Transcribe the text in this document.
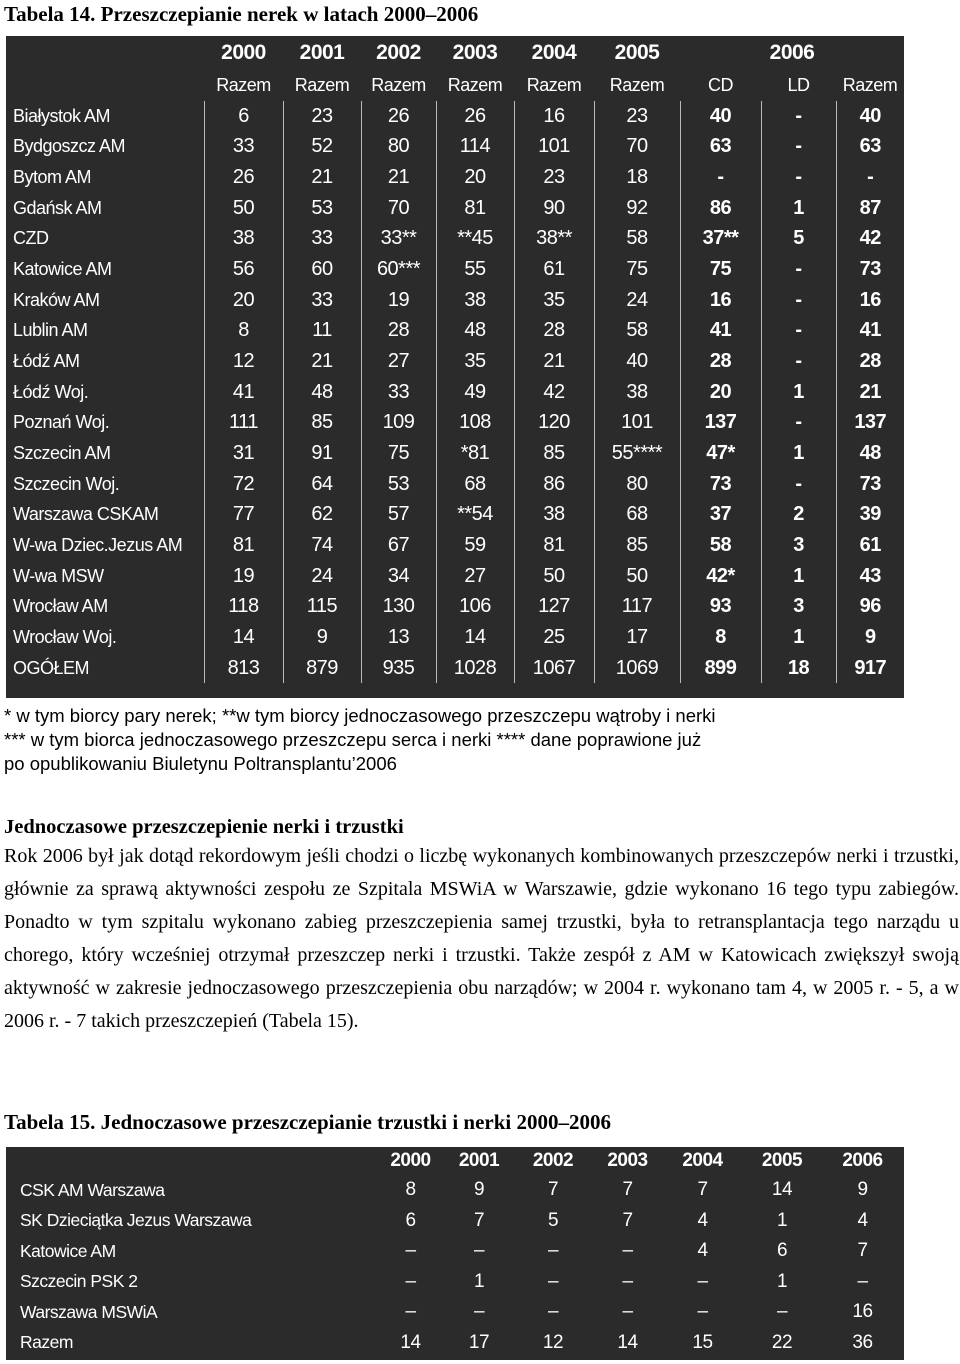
Tabela 14. Przeszczepianie nerek w latach 2000–2006
	2000	2001	2002	2003	2004	2005	2006		
	Razem	Razem	Razem	Razem	Razem	Razem	CD	LD	Razem
Białystok AM	6	23	26	26	16	23	40	-	40
Bydgoszcz AM	33	52	80	114	101	70	63	-	63
Bytom AM	26	21	21	20	23	18	-	-	-
Gdańsk AM	50	53	70	81	90	92	86	1	87
CZD	38	33	33**	**45	38**	58	37**	5	42
Katowice AM	56	60	60***	55	61	75	75	-	73
Kraków AM	20	33	19	38	35	24	16	-	16
Lublin AM	8	11	28	48	28	58	41	-	41
Łódź AM	12	21	27	35	21	40	28	-	28
Łódź Woj.	41	48	33	49	42	38	20	1	21
Poznań Woj.	111	85	109	108	120	101	137	-	137
Szczecin AM	31	91	75	*81	85	55****	47*	1	48
Szczecin Woj.	72	64	53	68	86	80	73	-	73
Warszawa CSKAM	77	62	57	**54	38	68	37	2	39
W-wa Dziec.Jezus AM	81	74	67	59	81	85	58	3	61
W-wa MSW	19	24	34	27	50	50	42*	1	43
Wrocław AM	118	115	130	106	127	117	93	3	96
Wrocław Woj.	14	9	13	14	25	17	8	1	9
OGÓŁEM	813	879	935	1028	1067	1069	899	18	917
* w tym biorcy pary nerek; **w tym biorcy jednoczasowego przeszczepu wątroby i nerki
*** w tym biorca jednoczasowego przeszczepu serca i nerki **** dane poprawione już
po opublikowaniu Biuletynu Poltransplantu’2006
Jednoczasowe przeszczepienie nerki i trzustki
Rok 2006 był jak dotąd rekordowym jeśli chodzi o liczbę wykonanych kombinowanych przeszczepów nerki i trzustki, głównie za sprawą aktywności zespołu ze Szpitala MSWiA w Warszawie, gdzie wykonano 16 tego typu zabiegów. Ponadto w tym szpitalu wykonano zabieg przeszczepienia samej trzustki, była to retransplantacja tego narządu u chorego, który wcześniej otrzymał przeszczep nerki i trzustki. Także zespół z AM w Katowicach zwiększył swoją aktywność w zakresie jednoczasowego przeszczepienia obu narządów; w 2004 r. wykonano tam 4, w 2005 r. - 5, a w 2006 r. - 7 takich przeszczepień (Tabela 15).
Tabela 15. Jednoczasowe przeszczepianie trzustki i nerki 2000–2006
	2000	2001	2002	2003	2004	2005	2006
CSK AM Warszawa	8	9	7	7	7	14	9
SK Dzieciątka Jezus Warszawa	6	7	5	7	4	1	4
Katowice AM	–	–	–	–	4	6	7
Szczecin PSK 2	–	1	–	–	–	1	–
Warszawa MSWiA	–	–	–	–	–	–	16
Razem	14	17	12	14	15	22	36
